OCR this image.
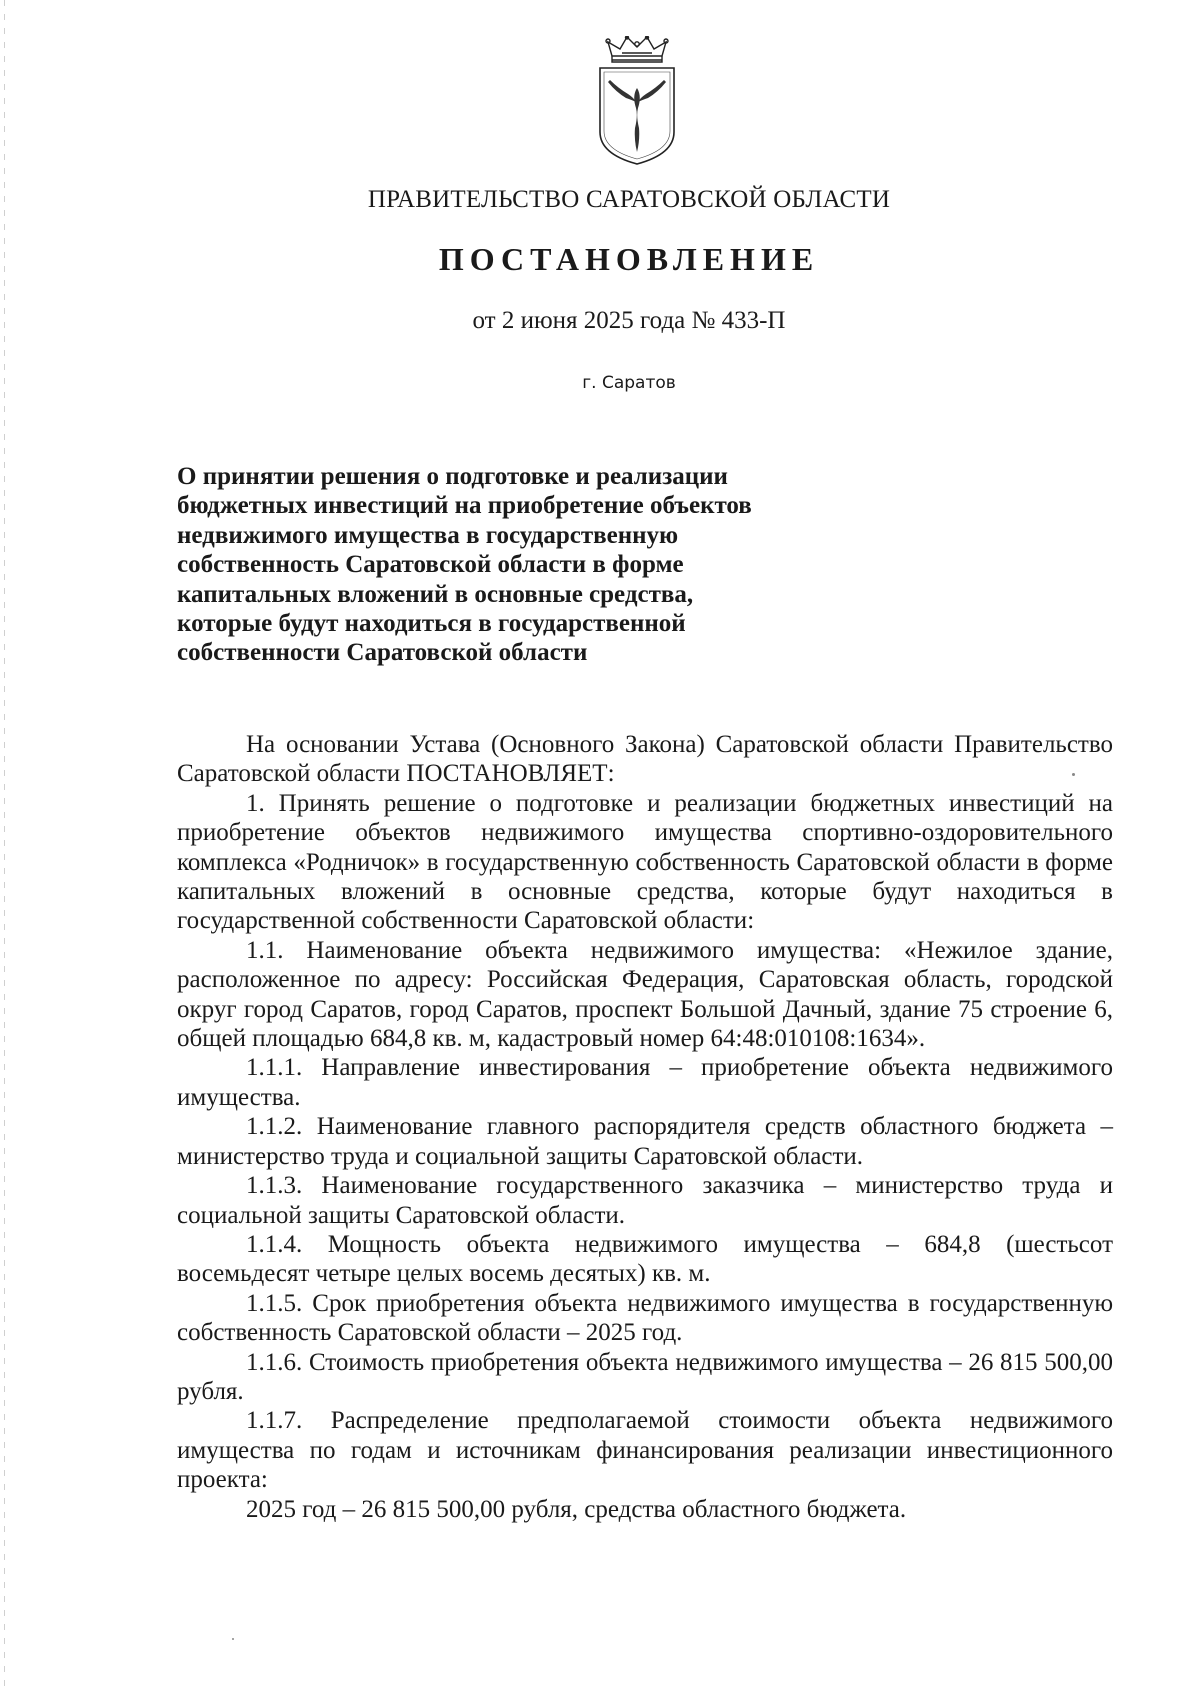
ПРАВИТЕЛЬСТВО САРАТОВСКОЙ ОБЛАСТИ
ПОСТАНОВЛЕНИЕ
от 2 июня 2025 года № 433-П
г. Саратов
О принятии решения о подготовке и реализации
бюджетных инвестиций на приобретение объектов
недвижимого имущества в государственную
собственность Саратовской области в форме
капитальных вложений в основные средства,
которые будут находиться в государственной
собственности Саратовской области

На основании Устава (Основного Закона) Саратовской области Правительство Саратовской области ПОСТАНОВЛЯЕТ:

1. Принять решение о подготовке и реализации бюджетных инвестиций на приобретение объектов недвижимого имущества спортивно-оздоровительного комплекса «Родничок» в государственную собственность Саратовской области в форме капитальных вложений в основные средства, которые будут находиться в государственной собственности Саратовской области:

1.1. Наименование объекта недвижимого имущества: «Нежилое здание, расположенное по адресу: Российская Федерация, Саратовская область, городской округ город Саратов, город Саратов, проспект Большой Дачный, здание 75 строение 6, общей площадью 684,8 кв. м, кадастровый номер 64:48:010108:1634».

1.1.1. Направление инвестирования – приобретение объекта недвижимого имущества.

1.1.2. Наименование главного распорядителя средств областного бюджета – министерство труда и социальной защиты Саратовской области.

1.1.3. Наименование государственного заказчика – министерство труда и социальной защиты Саратовской области.

1.1.4. Мощность объекта недвижимого имущества – 684,8 (шестьсот восемьдесят четыре целых восемь десятых) кв. м.

1.1.5. Срок приобретения объекта недвижимого имущества в государственную собственность Саратовской области – 2025 год.

1.1.6. Стоимость приобретения объекта недвижимого имущества – 26 815 500,00 рубля.

1.1.7. Распределение предполагаемой стоимости объекта недвижимого имущества по годам и источникам финансирования реализации инвестиционного проекта:

2025 год – 26 815 500,00 рубля, средства областного бюджета.
